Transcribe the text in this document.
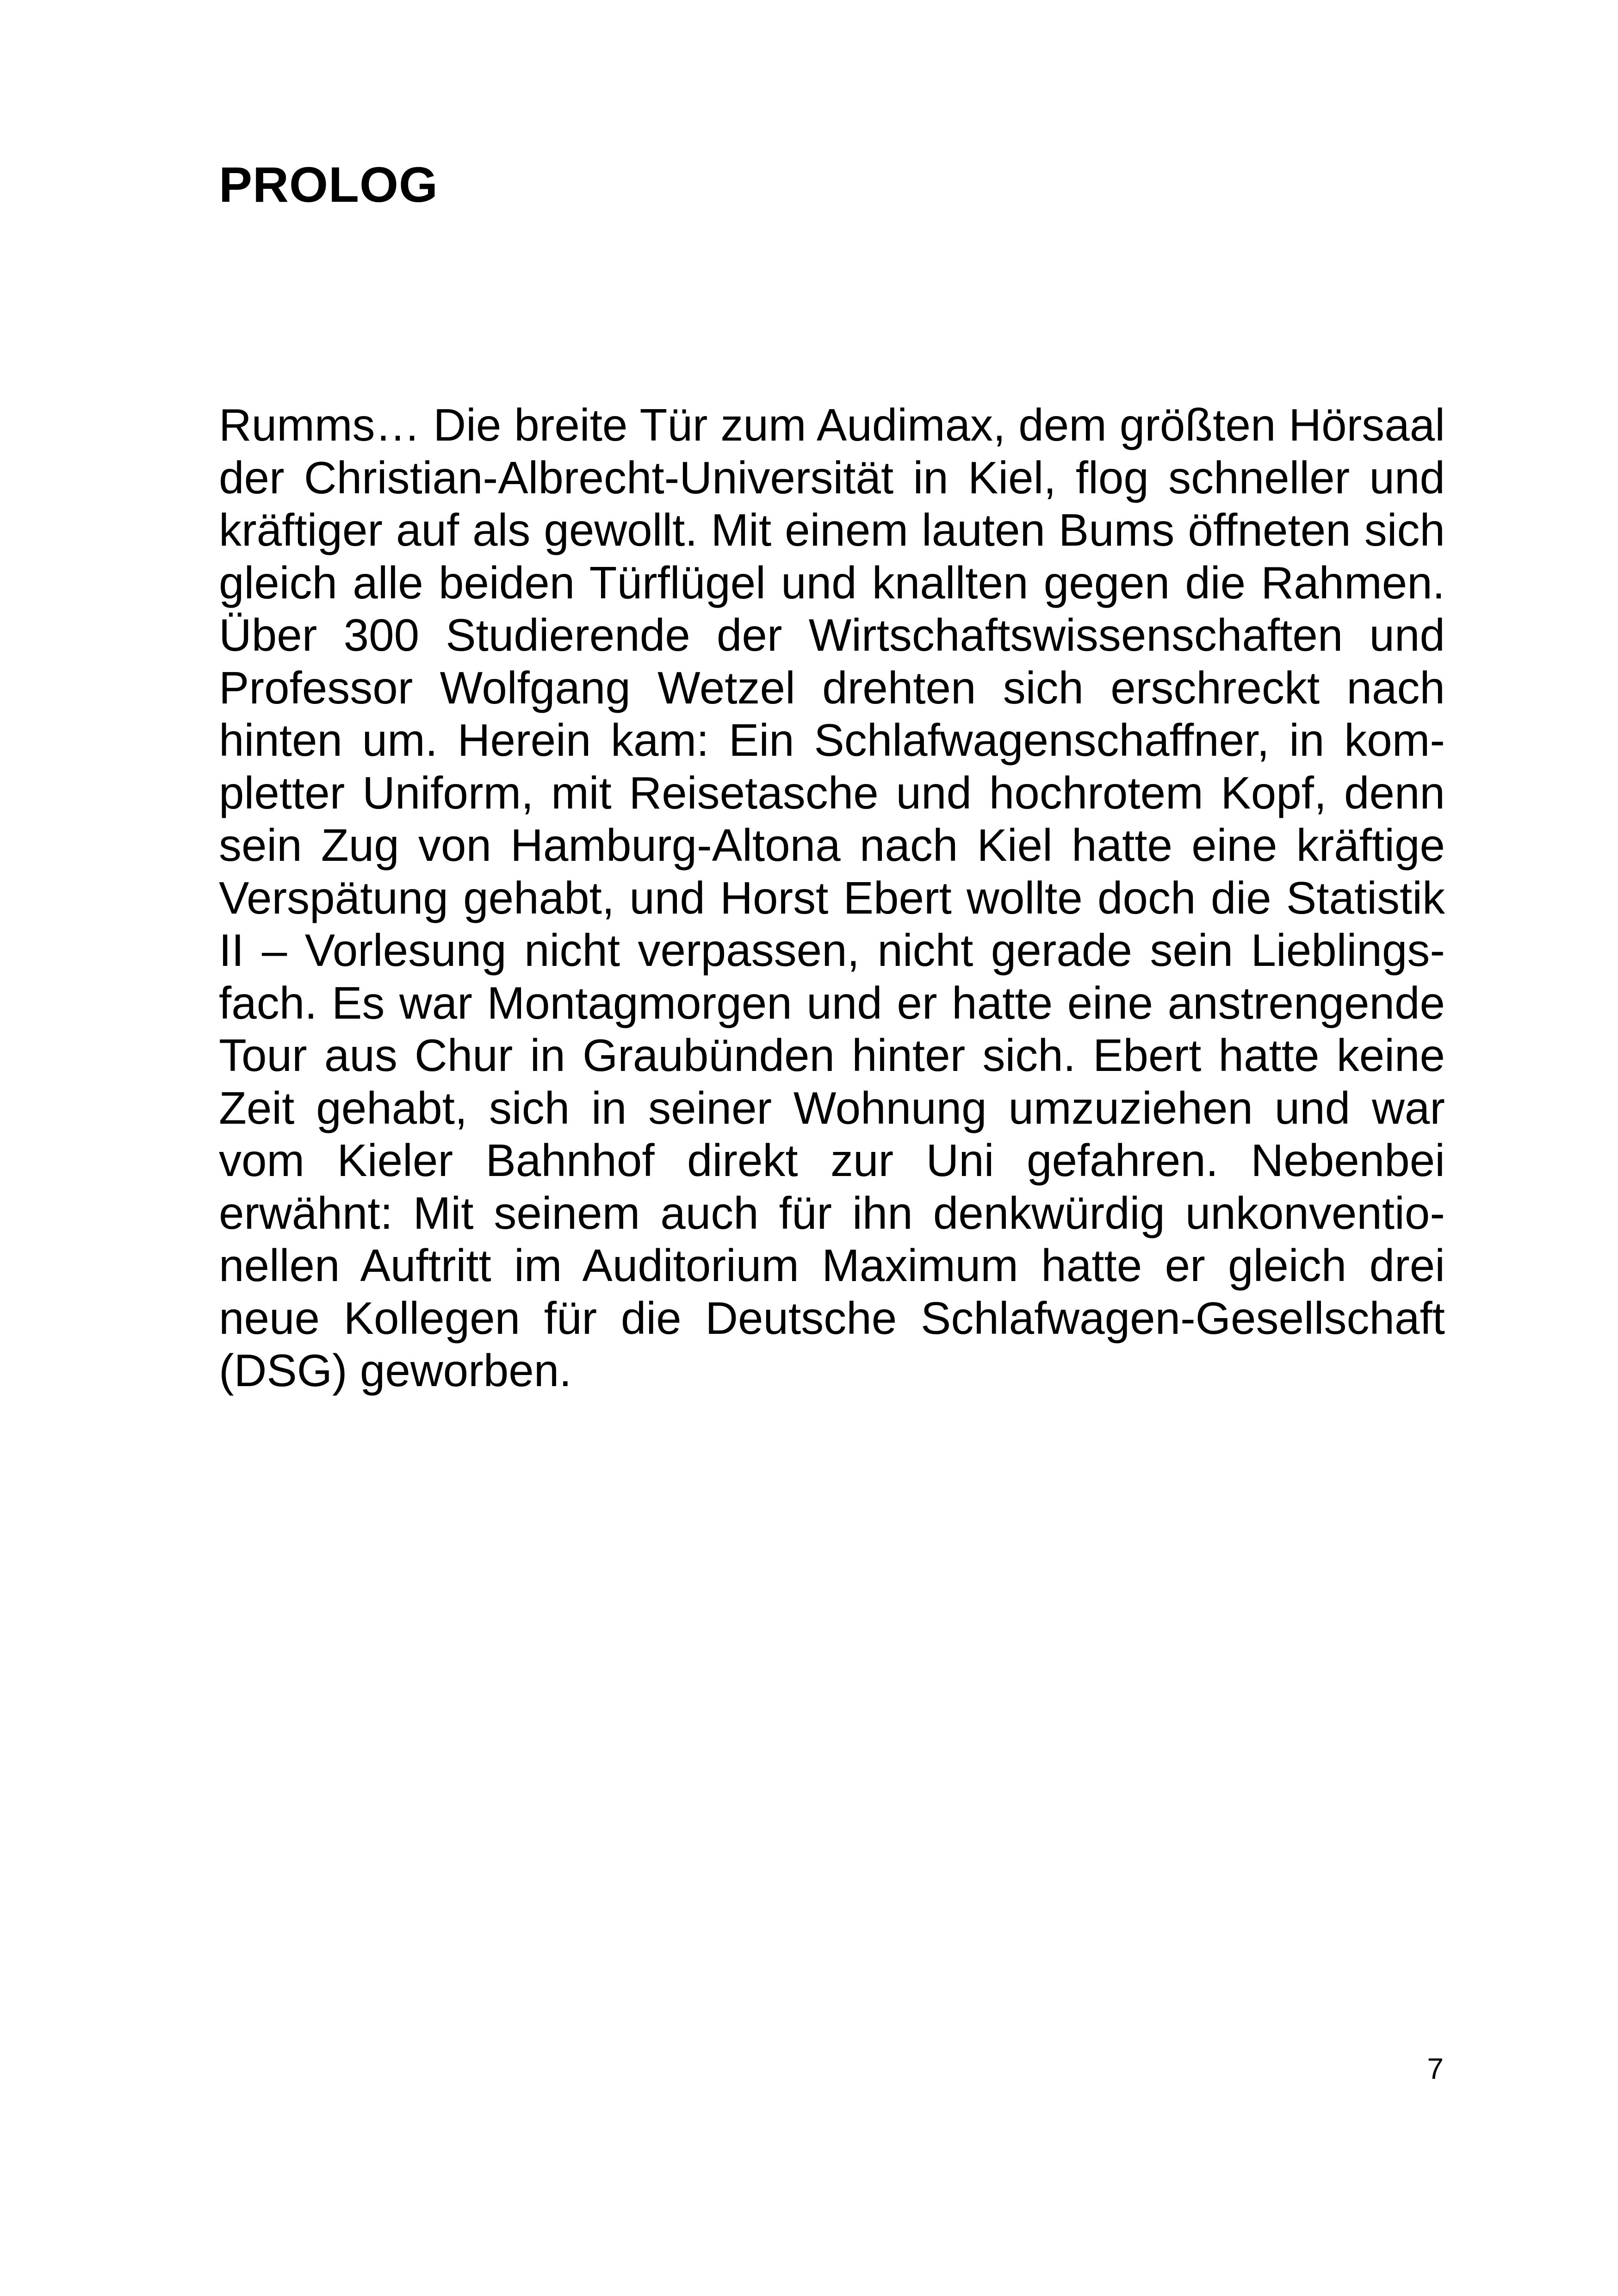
PROLOG
Rumms… Die breite Tür zum Audimax, dem größten Hörsaal
der Christian-Albrecht-Universität in Kiel, flog schneller und
kräftiger auf als gewollt. Mit einem lauten Bums öffneten sich
gleich alle beiden Türflügel und knallten gegen die Rahmen.
Über 300 Studierende der Wirtschaftswissenschaften und
Professor Wolfgang Wetzel drehten sich erschreckt nach
hinten um. Herein kam: Ein Schlafwagenschaffner, in kom-
pletter Uniform, mit Reisetasche und hochrotem Kopf, denn
sein Zug von Hamburg-Altona nach Kiel hatte eine kräftige
Verspätung gehabt, und Horst Ebert wollte doch die Statistik
II – Vorlesung nicht verpassen, nicht gerade sein Lieblings-
fach. Es war Montagmorgen und er hatte eine anstrengende
Tour aus Chur in Graubünden hinter sich. Ebert hatte keine
Zeit gehabt, sich in seiner Wohnung umzuziehen und war
vom Kieler Bahnhof direkt zur Uni gefahren. Nebenbei
erwähnt: Mit seinem auch für ihn denkwürdig unkonventio-
nellen Auftritt im Auditorium Maximum hatte er gleich drei
neue Kollegen für die Deutsche Schlafwagen-Gesellschaft
(DSG) geworben.
7
